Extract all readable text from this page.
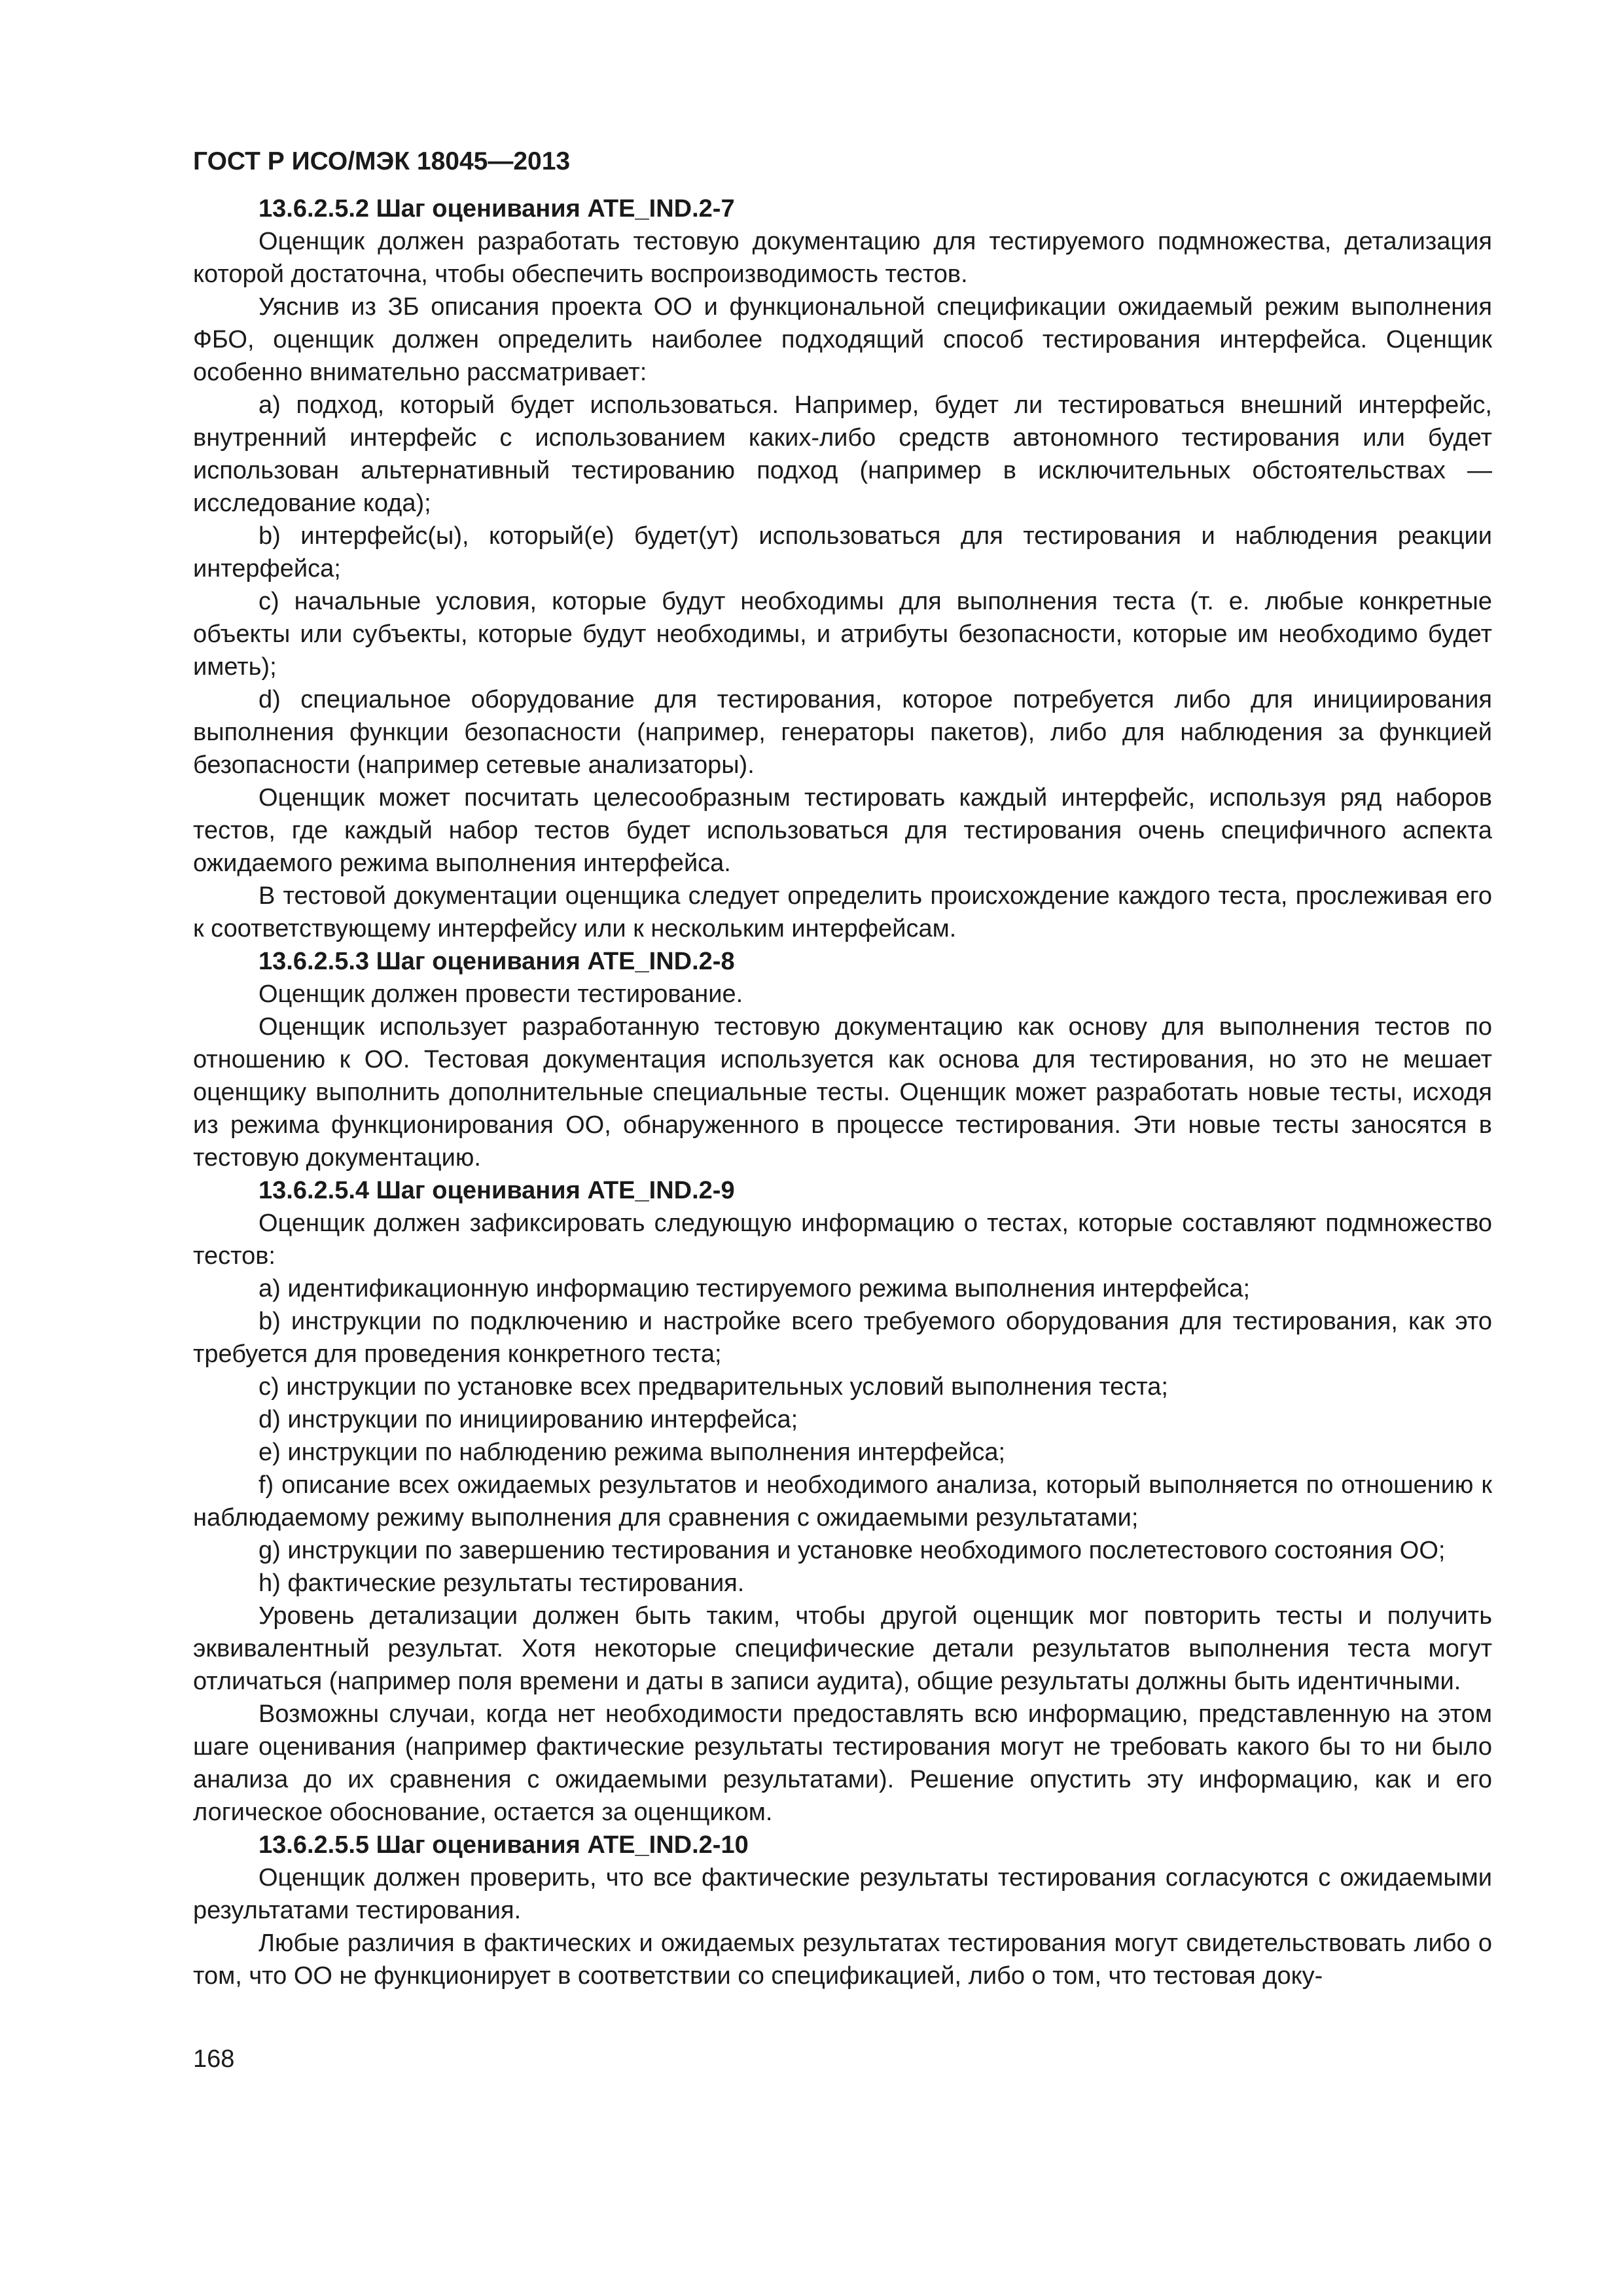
ГОСТ Р ИСО/МЭК 18045—2013
13.6.2.5.2 Шаг оценивания ATE_IND.2-7

Оценщик должен разработать тестовую документацию для тестируемого подмножества, детализация которой достаточна, чтобы обеспечить воспроизводимость тестов.

Уяснив из ЗБ описания проекта ОО и функциональной спецификации ожидаемый режим выполнения ФБО, оценщик должен определить наиболее подходящий способ тестирования интерфейса. Оценщик особенно внимательно рассматривает:

a) подход, который будет использоваться. Например, будет ли тестироваться внешний интерфейс, внутренний интерфейс с использованием каких-либо средств автономного тестирования или будет использован альтернативный тестированию подход (например в исключительных обстоятельствах — исследование кода);

b) интерфейс(ы), который(е) будет(ут) использоваться для тестирования и наблюдения реакции интерфейса;

c) начальные условия, которые будут необходимы для выполнения теста (т. е. любые конкретные объекты или субъекты, которые будут необходимы, и атрибуты безопасности, которые им необходимо будет иметь);

d) специальное оборудование для тестирования, которое потребуется либо для инициирования выполнения функции безопасности (например, генераторы пакетов), либо для наблюдения за функцией безопасности (например сетевые анализаторы).

Оценщик может посчитать целесообразным тестировать каждый интерфейс, используя ряд наборов тестов, где каждый набор тестов будет использоваться для тестирования очень специфичного аспекта ожидаемого режима выполнения интерфейса.

В тестовой документации оценщика следует определить происхождение каждого теста, прослеживая его к соответствующему интерфейсу или к нескольким интерфейсам.

13.6.2.5.3 Шаг оценивания ATE_IND.2-8

Оценщик должен провести тестирование.

Оценщик использует разработанную тестовую документацию как основу для выполнения тестов по отношению к ОО. Тестовая документация используется как основа для тестирования, но это не мешает оценщику выполнить дополнительные специальные тесты. Оценщик может разработать новые тесты, исходя из режима функционирования ОО, обнаруженного в процессе тестирования. Эти новые тесты заносятся в тестовую документацию.

13.6.2.5.4 Шаг оценивания ATE_IND.2-9

Оценщик должен зафиксировать следующую информацию о тестах, которые составляют подмножество тестов:

a) идентификационную информацию тестируемого режима выполнения интерфейса;

b) инструкции по подключению и настройке всего требуемого оборудования для тестирования, как это требуется для проведения конкретного теста;

c) инструкции по установке всех предварительных условий выполнения теста;

d) инструкции по инициированию интерфейса;

e) инструкции по наблюдению режима выполнения интерфейса;

f) описание всех ожидаемых результатов и необходимого анализа, который выполняется по отношению к наблюдаемому режиму выполнения для сравнения с ожидаемыми результатами;

g) инструкции по завершению тестирования и установке необходимого послетестового состояния ОО;

h) фактические результаты тестирования.

Уровень детализации должен быть таким, чтобы другой оценщик мог повторить тесты и получить эквивалентный результат. Хотя некоторые специфические детали результатов выполнения теста могут отличаться (например поля времени и даты в записи аудита), общие результаты должны быть идентичными.

Возможны случаи, когда нет необходимости предоставлять всю информацию, представленную на этом шаге оценивания (например фактические результаты тестирования могут не требовать какого бы то ни было анализа до их сравнения с ожидаемыми результатами). Решение опустить эту информацию, как и его логическое обоснование, остается за оценщиком.

13.6.2.5.5 Шаг оценивания ATE_IND.2-10

Оценщик должен проверить, что все фактические результаты тестирования согласуются с ожидаемыми результатами тестирования.

Любые различия в фактических и ожидаемых результатах тестирования могут свидетельствовать либо о том, что ОО не функционирует в соответствии со спецификацией, либо о том, что тестовая доку-

168
